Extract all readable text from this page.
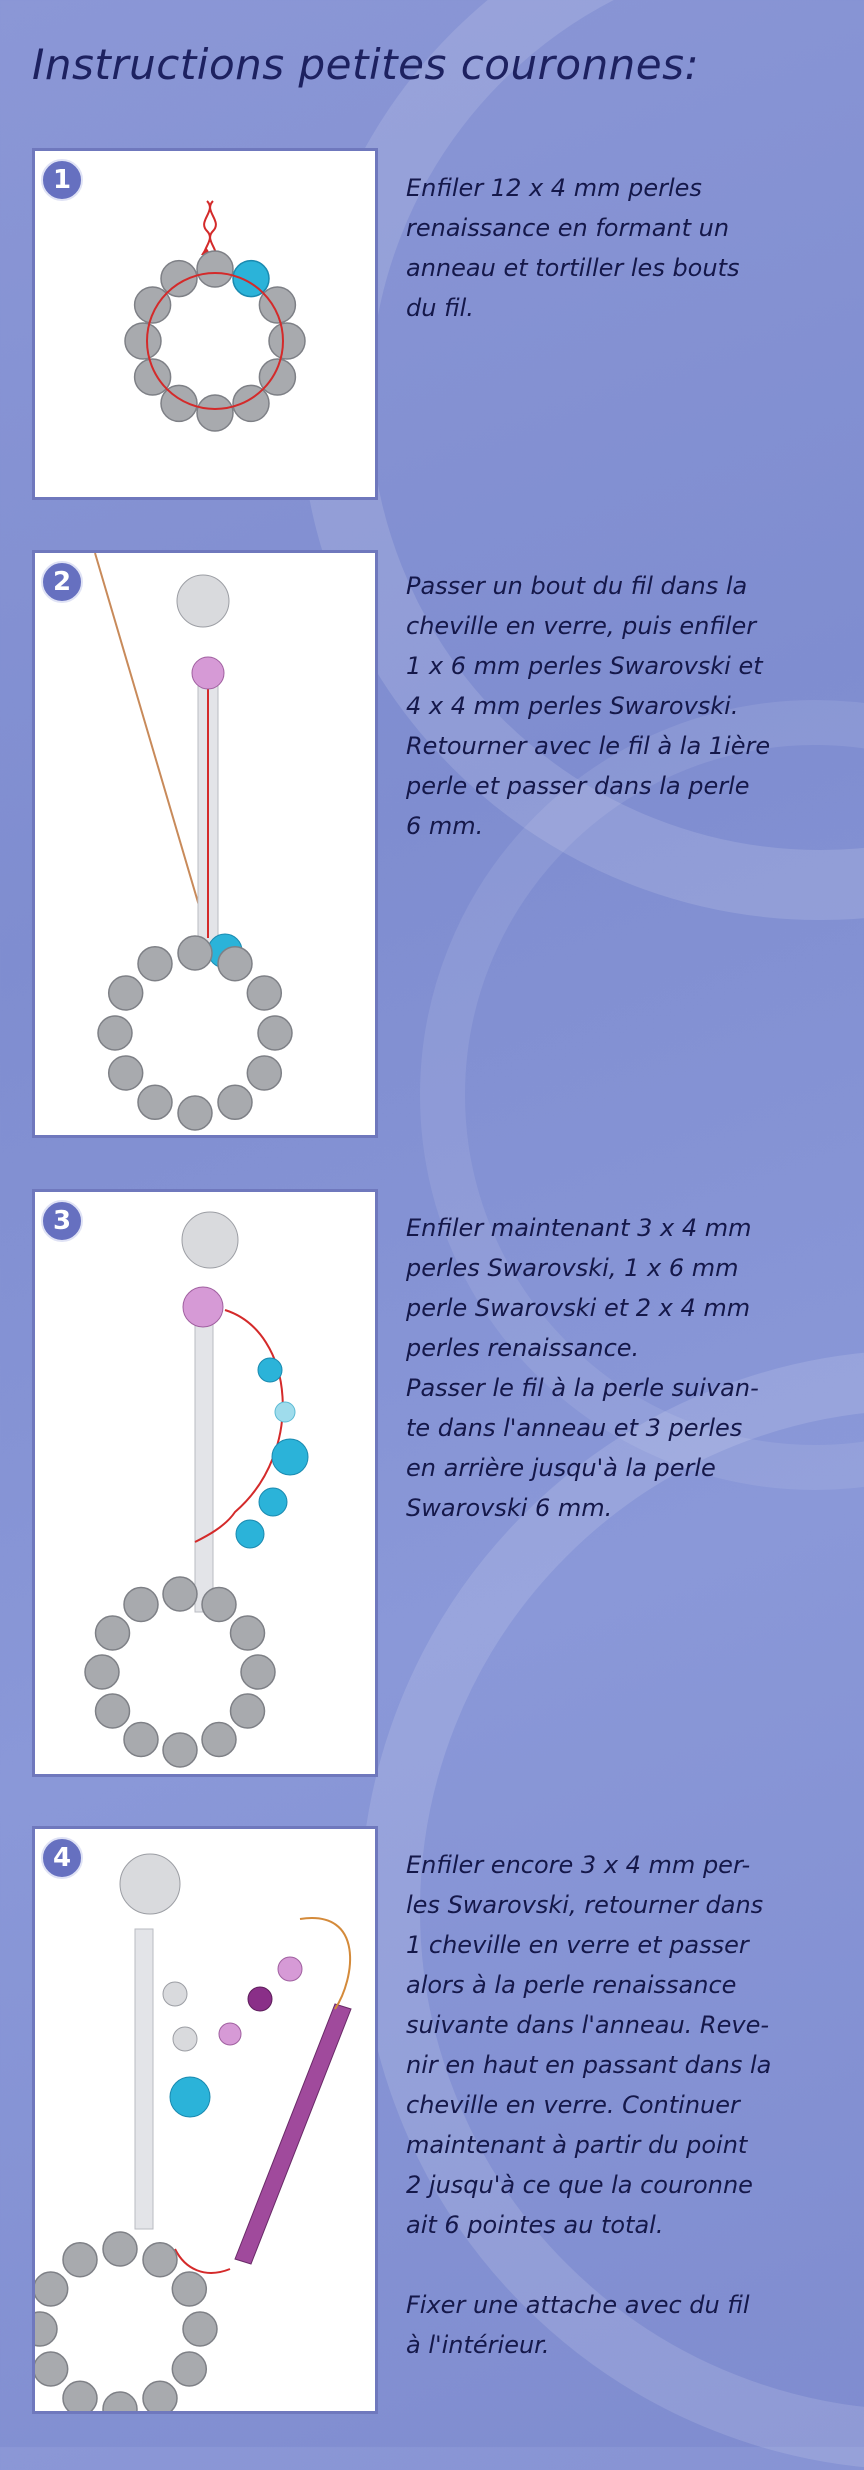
Instructions petites couronnes:
1	Enfiler 12 x 4 mm perles
renaissance en formant un
anneau et tortiller les bouts
du fil.
2	Passer un bout du fil dans la
cheville en verre, puis enfiler
1 x 6 mm perles Swarovski et
4 x 4 mm perles Swarovski.
Retourner avec le fil à la 1ière
perle et passer dans la perle
6 mm.
3	Enfiler maintenant 3 x 4 mm
perles Swarovski, 1 x 6 mm
perle Swarovski et 2 x 4 mm
perles renaissance.
Passer le fil à la perle suivan-
te dans l'anneau et 3 perles
en arrière jusqu'à la perle
Swarovski 6 mm.
4	Enfiler encore 3 x 4 mm per-
les Swarovski, retourner dans
1 cheville en verre et passer
alors à la perle renaissance
suivante dans l'anneau. Reve-
nir en haut en passant dans la
cheville en verre. Continuer
maintenant à partir du point
2 jusqu'à ce que la couronne
ait 6 pointes au total.

Fixer une attache avec du fil
à l'intérieur.
